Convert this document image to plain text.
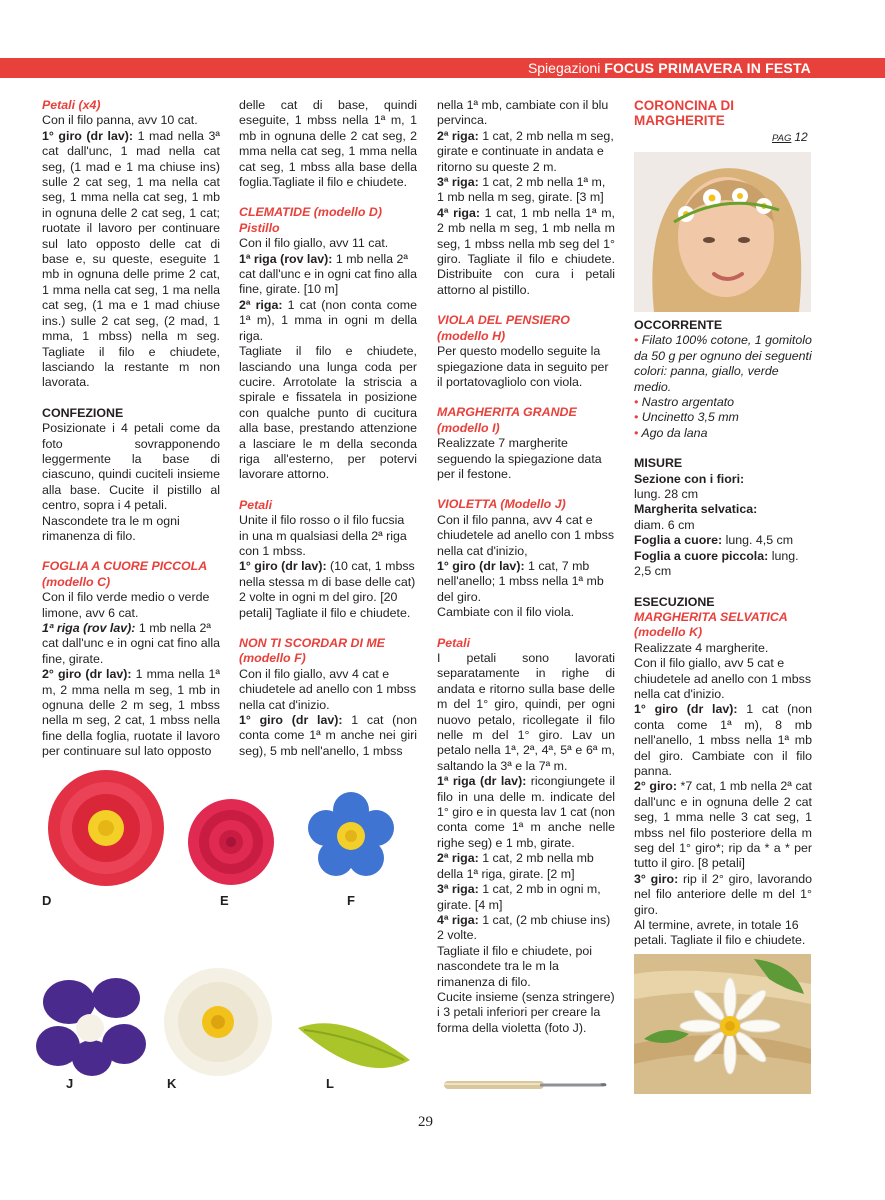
Spiegazioni FOCUS PRIMAVERA IN FESTA

Petali (x4)

Con il filo panna, avv 10 cat.

1° giro (dr lav): 1 mad nella 3ª cat dall'unc, 1 mad nella cat seg, (1 mad e 1 ma chiuse ins) sulle 2 cat seg, 1 ma nella cat seg, 1 mma nella cat seg, 1 mb in ognuna delle 2 cat seg, 1 cat; ruotate il lavoro per continuare sul lato opposto delle cat di base e, su queste, eseguite 1 mb in ognuna delle prime 2 cat, 1 mma nella cat seg, 1 ma nella cat seg, (1 ma e 1 mad chiuse ins.) sulle 2 cat seg, (2 mad, 1 mma, 1 mbss) nella m seg. Tagliate il filo e chiudete, lasciando la restante m non lavorata.

CONFEZIONE

Posizionate i 4 petali come da foto sovrapponendo leggermente la base di ciascuno, quindi cuciteli insieme alla base. Cucite il pistillo al centro, sopra i 4 petali.

Nascondete tra le m ogni rimanenza di filo.

FOGLIA A CUORE PICCOLA (modello C)

Con il filo verde medio o verde limone, avv 6 cat.

1ª riga (rov lav): 1 mb nella 2ª cat dall'unc e in ogni cat fino alla fine, girate.

2° giro (dr lav): 1 mma nella 1ª m, 2 mma nella m seg, 1 mb in ognuna delle 2 m seg, 1 mbss nella m seg, 2 cat, 1 mbss nella fine della foglia, ruotate il lavoro per continuare sul lato opposto

delle cat di base, quindi eseguite, 1 mbss nella 1ª m, 1 mb in ognuna delle 2 cat seg, 2 mma nella cat seg, 1 mma nella cat seg, 1 mbss alla base della foglia.Tagliate il filo e chiudete.

CLEMATIDE (modello D)

Pistillo

Con il filo giallo, avv 11 cat.

1ª riga (rov lav): 1 mb nella 2ª cat dall'unc e in ogni cat fino alla fine, girate. [10 m]

2ª riga: 1 cat (non conta come 1ª m), 1 mma in ogni m della riga.

Tagliate il filo e chiudete, lasciando una lunga coda per cucire. Arrotolate la striscia a spirale e fissatela in posizione con qualche punto di cucitura alla base, prestando attenzione a lasciare le m della seconda riga all'esterno, per potervi lavorare attorno.

Petali

Unite il filo rosso o il filo fucsia in una m qualsiasi della 2ª riga con 1 mbss.

1° giro (dr lav): (10 cat, 1 mbss nella stessa m di base delle cat) 2 volte in ogni m del giro. [20 petali] Tagliate il filo e chiudete.

NON TI SCORDAR DI ME (modello F)

Con il filo giallo, avv 4 cat e chiudetele ad anello con 1 mbss nella cat d'inizio.

1° giro (dr lav): 1 cat (non conta come 1ª m anche nei giri seg), 5 mb nell'anello, 1 mbss

nella 1ª mb, cambiate con il blu pervinca.

2ª riga: 1 cat, 2 mb nella m seg, girate e continuate in andata e ritorno su queste 2 m.

3ª riga: 1 cat, 2 mb nella 1ª m, 1 mb nella m seg, girate. [3 m]

4ª riga: 1 cat, 1 mb nella 1ª m, 2 mb nella m seg, 1 mb nella m seg, 1 mbss nella mb seg del 1° giro. Tagliate il filo e chiudete. Distribuite con cura i petali attorno al pistillo.

VIOLA DEL PENSIERO (modello H)

Per questo modello seguite la spiegazione data in seguito per il portatovagliolo con viola.

MARGHERITA GRANDE (modello I)

Realizzate 7 margherite seguendo la spiegazione data per il festone.

VIOLETTA (Modello J)

Con il filo panna, avv 4 cat e chiudetele ad anello con 1 mbss nella cat d'inizio,

1° giro (dr lav): 1 cat, 7 mb nell'anello; 1 mbss nella 1ª mb del giro.

Cambiate con il filo viola.

Petali

I petali sono lavorati separatamente in righe di andata e ritorno sulla base delle m del 1° giro, quindi, per ogni nuovo petalo, ricollegate il filo nelle m del 1° giro. Lav un petalo nella 1ª, 2ª, 4ª, 5ª e 6ª m, saltando la 3ª e la 7ª m.

1ª riga (dr lav): ricongiungete il filo in una delle m. indicate del 1° giro e in questa lav 1 cat (non conta come 1ª m anche nelle righe seg) e 1 mb, girate.

2ª riga: 1 cat, 2 mb nella mb della 1ª riga, girate. [2 m]

3ª riga: 1 cat, 2 mb in ogni m, girate. [4 m]

4ª riga: 1 cat, (2 mb chiuse ins) 2 volte.

Tagliate il filo e chiudete, poi nascondete tra le m la rimanenza di filo.

Cucite insieme (senza stringere) i 3 petali inferiori per creare la forma della violetta (foto J).

CORONCINA DI MARGHERITE

PAG 12

OCCORRENTE

• Filato 100% cotone, 1 gomitolo da 50 g per ognuno dei seguenti colori: panna, giallo, verde medio.

• Nastro argentato

• Uncinetto 3,5 mm

• Ago da lana

MISURE

Sezione con i fiori:

lung. 28 cm

Margherita selvatica:

diam. 6 cm

Foglia a cuore: lung. 4,5 cm

Foglia a cuore piccola: lung. 2,5 cm

ESECUZIONE

MARGHERITA SELVATICA (modello K)

Realizzate 4 margherite.

Con il filo giallo, avv 5 cat e chiudetele ad anello con 1 mbss nella cat d'inizio.

1° giro (dr lav): 1 cat (non conta come 1ª m), 8 mb nell'anello, 1 mbss nella 1ª mb del giro. Cambiate con il filo panna.

2° giro: *7 cat, 1 mb nella 2ª cat dall'unc e in ognuna delle 2 cat seg, 1 mma nelle 3 cat seg, 1 mbss nel filo posteriore della m seg del 1° giro*; rip da * a * per tutto il giro. [8 petali]

3° giro: rip il 2° giro, lavorando nel filo anteriore delle m del 1° giro.

Al termine, avrete, in totale 16 petali. Tagliate il filo e chiudete.

D	E	F
J	K	L
29
